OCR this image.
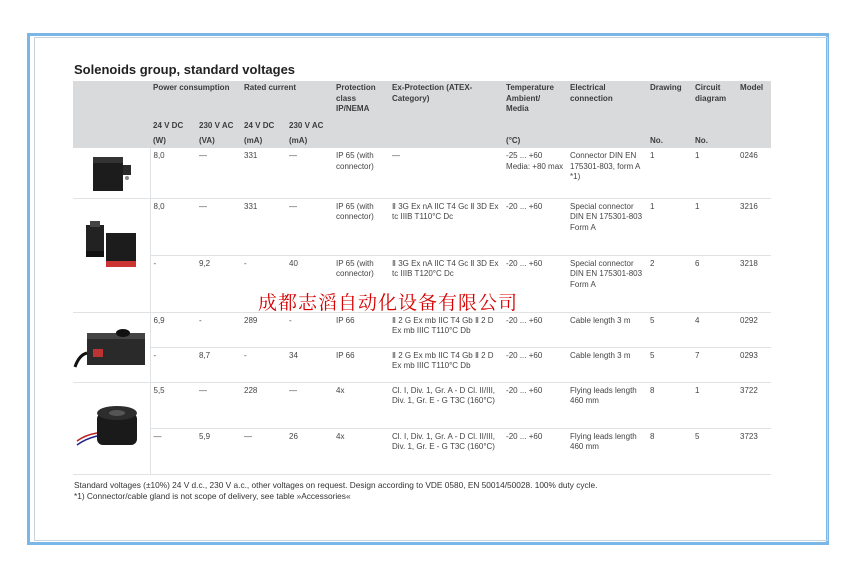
Solenoids group, standard voltages
	Power consumption		Rated current		Protection class IP/NEMA	Ex-Protection (ATEX-Category)	Temperature Ambient/ Media	Electrical connection	Drawing	Circuit diagram	Model
	24 V DC	230 V AC	24 V DC	230 V AC							
	(W)	(VA)	(mA)	(mA)			(°C)		No.	No.	

	8,0	—	331	—	IP 65 (with connector)	—	-25 ... +60 Media: +80 max	Connector DIN EN 175301-803, form A *1)	1	1	0246

	8,0	—	331	—	IP 65 (with connector)	Ⅱ 3G Ex nA IIC T4 Gc Ⅱ 3D Ex tc IIIB T110°C Dc	-20 ... +60	Special connector DIN EN 175301-803 Form A	1	1	3216
	-	9,2	-	40	IP 65 (with connector)	Ⅱ 3G Ex nA IIC T4 Gc Ⅱ 3D Ex tc IIIB T120°C Dc	-20 ... +60	Special connector DIN EN 175301-803 Form A	2	6	3218

	6,9	-	289	-	IP 66	Ⅱ 2 G Ex mb IIC T4 Gb Ⅱ 2 D Ex mb IIIC T110°C Db	-20 ... +60	Cable length 3 m	5	4	0292
	-	8,7	-	34	IP 66	Ⅱ 2 G Ex mb IIC T4 Gb Ⅱ 2 D Ex mb IIIC T110°C Db	-20 ... +60	Cable length 3 m	5	7	0293

	5,5	—	228	—	4x	Cl. I, Div. 1, Gr. A - D Cl. II/III, Div. 1, Gr. E - G T3C (160°C)	-20 ... +60	Flying leads length 460 mm	8	1	3722
	—	5,9	—	26	4x	Cl. I, Div. 1, Gr. A - D Cl. II/III, Div. 1, Gr. E - G T3C (160°C)	-20 ... +60	Flying leads length 460 mm	8	5	3723
成都志滔自动化设备有限公司
Standard voltages (±10%) 24 V d.c., 230 V a.c., other voltages on request. Design according to VDE 0580, EN 50014/50028. 100% duty cycle.
*1) Connector/cable gland is not scope of delivery, see table »Accessories«
